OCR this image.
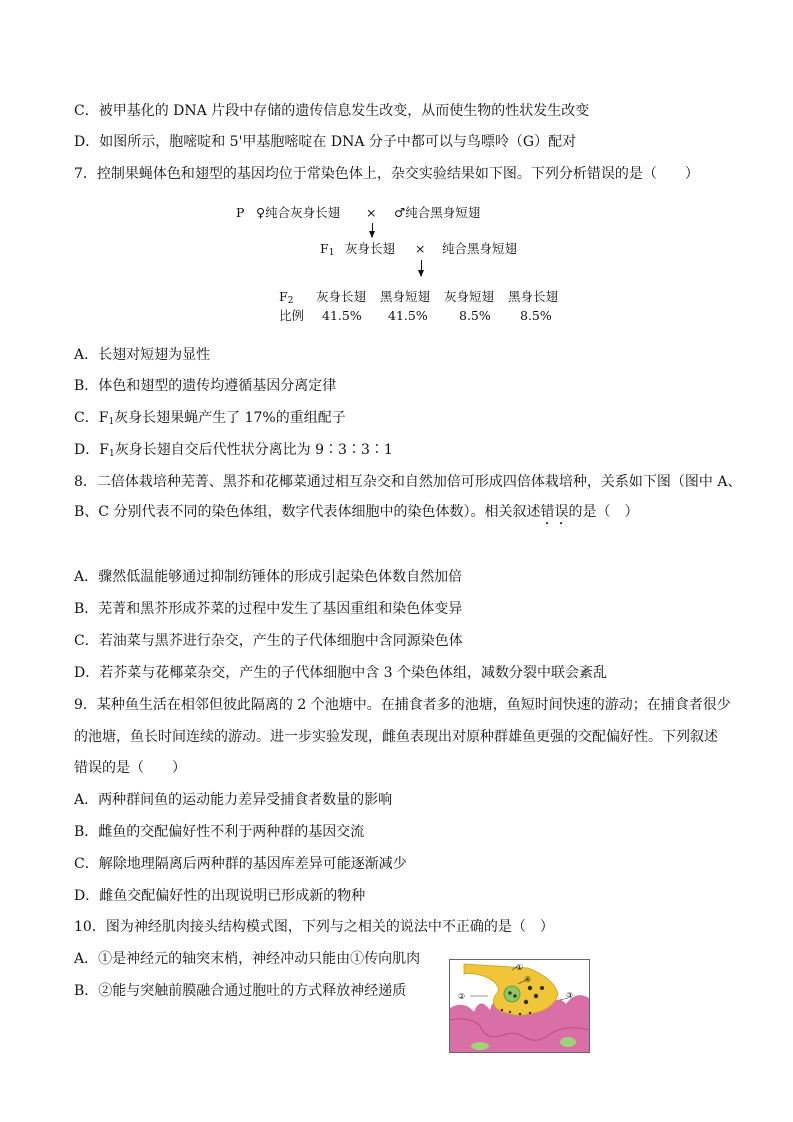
C．被甲基化的 DNA 片段中存储的遗传信息发生改变，从而使生物的性状发生改变
D．如图所示，胞嘧啶和 5'甲基胞嘧啶在 DNA 分子中都可以与鸟嘌呤（G）配对
7．控制果蝇体色和翅型的基因均位于常染色体上，杂交实验结果如下图。下列分析错误的是（　　）
P ♀纯合灰身长翅 × ♂纯合黑身短翅
$F_1$ 灰身长翅 × 纯合黑身短翅
$F_2$ 灰身长翅 黑身短翅 灰身短翅 黑身长翅
比例 41.5% 41.5%	8.5% 8.5%
A．长翅对短翅为显性
B．体色和翅型的遗传均遵循基因分离定律
C．$F_1$灰身长翅果蝇产生了 17%的重组配子
D．$F_1$灰身长翅自交后代性状分离比为 9∶3∶3∶1
8．二倍体栽培种芜菁、黑芥和花椰菜通过相互杂交和自然加倍可形成四倍体栽培种，关系如下图（图中 A、
B、C 分别代表不同的染色体组，数字代表体细胞中的染色体数）。相关叙述错误的是（　）
A．骤然低温能够通过抑制纺锤体的形成引起染色体数自然加倍
B．芜菁和黑芥形成芥菜的过程中发生了基因重组和染色体变异
C．若油菜与黑芥进行杂交，产生的子代体细胞中含同源染色体
D．若芥菜与花椰菜杂交，产生的子代体细胞中含 3 个染色体组，减数分裂中联会紊乱
9．某种鱼生活在相邻但彼此隔离的 2 个池塘中。在捕食者多的池塘，鱼短时间快速的游动；在捕食者很少
的池塘，鱼长时间连续的游动。进一步实验发现，雌鱼表现出对原种群雄鱼更强的交配偏好性。下列叙述
错误的是（　　）
A．两种群间鱼的运动能力差异受捕食者数量的影响
B．雌鱼的交配偏好性不利于两种群的基因交流
C．解除地理隔离后两种群的基因库差异可能逐渐减少
D．雌鱼交配偏好性的出现说明已形成新的物种
10．图为神经肌肉接头结构模式图，下列与之相关的说法中不正确的是（　）
A．①是神经元的轴突末梢，神经冲动只能由①传向肌肉
B．②能与突触前膜融合通过胞吐的方式释放神经递质
①
②	③
④
